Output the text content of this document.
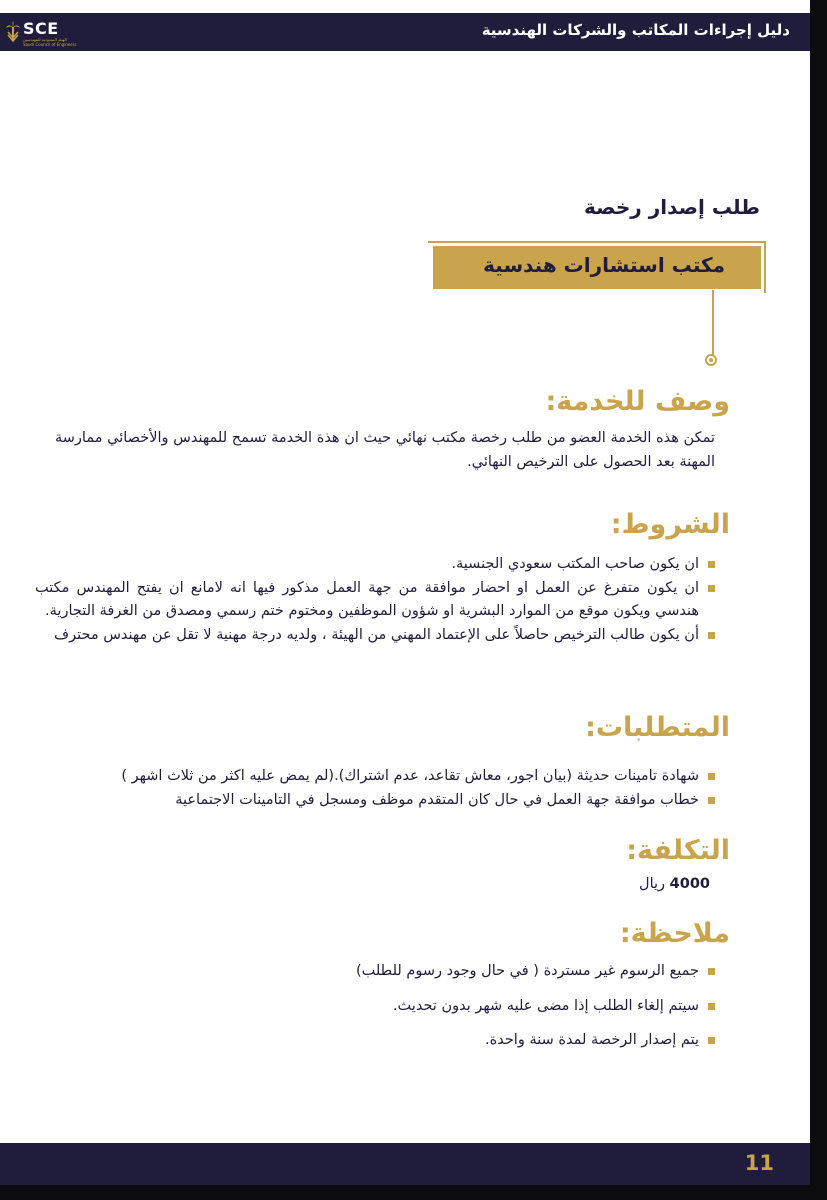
SCE
الهيئة السعودية للمهندسين
Saudi Council of Engineers
دليل إجراءات المكاتب والشركات الهندسية
طلب إصدار رخصة
مكتب استشارات هندسية
وصف للخدمة:
تمكن هذه الخدمة العضو من طلب رخصة مكتب نهائي حيث ان هذة الخدمة تسمح للمهندس والأخصائي ممارسة المهنة بعد الحصول على الترخيص النهائي.
الشروط:
ان يكون صاحب المكتب سعودي الجنسية.
ان يكون متفرغ عن العمل او احضار موافقة من جهة العمل مذكور فيها انه لامانع ان يفتح المهندس مكتب هندسي ويكون موقع من الموارد البشرية او شؤون الموظفين ومختوم ختم رسمي ومصدق من الغرفة التجارية.
أن يكون طالب الترخيص حاصلاً على الإعتماد المهني من الهيئة ، ولديه درجة مهنية لا تقل عن مهندس محترف
المتطلبات:
شهادة تامينات حديثة (بيان اجور، معاش تقاعد، عدم اشتراك).(لم يمض عليه اكثر من ثلاث اشهر )
خطاب موافقة جهة العمل في حال كان المتقدم موظف ومسجل في التامينات الاجتماعية
التكلفة:
4000 ريال
ملاحظة:
جميع الرسوم غير مستردة ( في حال وجود رسوم للطلب)
سيتم إلغاء الطلب إذا مضى عليه شهر بدون تحديث.
يتم إصدار الرخصة لمدة سنة واحدة.
11
